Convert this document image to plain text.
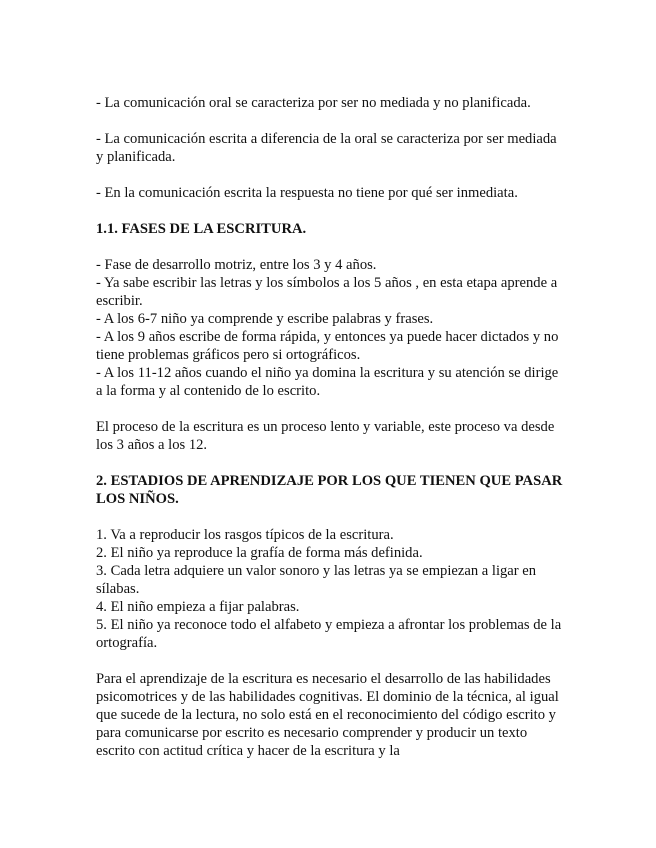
- La comunicación oral se caracteriza por ser no mediada y no planificada.

- La comunicación escrita a diferencia de la oral se caracteriza por ser mediada y planificada.

- En la comunicación escrita la respuesta no tiene por qué ser inmediata.

1.1. FASES DE LA ESCRITURA.

- Fase de desarrollo motriz, entre los 3 y 4 años.
- Ya sabe escribir las letras y los símbolos a los 5 años , en esta etapa aprende a escribir.
- A los 6-7 niño ya comprende y escribe palabras y frases.
- A los 9 años escribe de forma rápida, y entonces ya puede hacer dictados y no tiene problemas gráficos pero si ortográficos.
- A los 11-12 años cuando el niño ya domina la escritura y su atención se dirige a la forma y al contenido de lo escrito.

El proceso de la escritura es un proceso lento y variable, este proceso va desde los 3 años a los 12.

2. ESTADIOS DE APRENDIZAJE POR LOS QUE TIENEN QUE PASAR LOS NIÑOS.

1. Va a reproducir los rasgos típicos de la escritura.
2. El niño ya reproduce la grafía de forma más definida.
3. Cada letra adquiere un valor sonoro y las letras ya se empiezan a ligar en sílabas.
4. El niño empieza a fijar palabras.
5. El niño ya reconoce todo el alfabeto y empieza a afrontar los problemas de la ortografía.

Para el aprendizaje de la escritura es necesario el desarrollo de las habilidades psicomotrices y de las habilidades cognitivas. El dominio de la técnica, al igual que sucede de la lectura, no solo está en el reconocimiento del código escrito y para comunicarse por escrito es necesario comprender y producir un texto escrito con actitud crítica y hacer de la escritura y la
